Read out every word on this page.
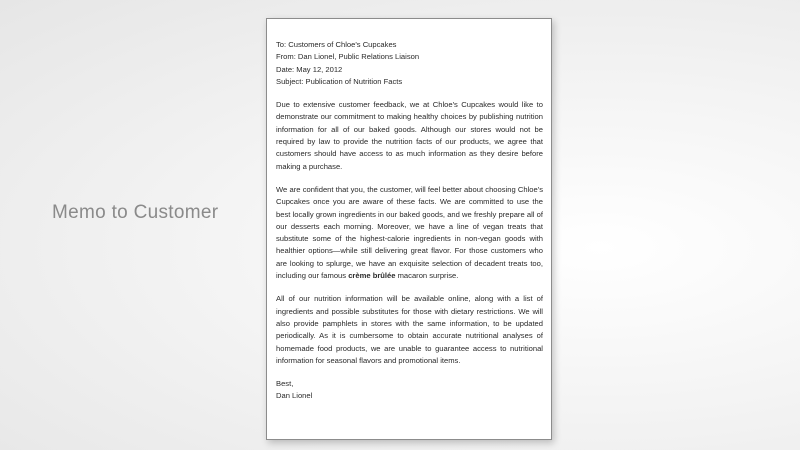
Memo to Customer

To: Customers of Chloe's Cupcakes

From: Dan Lionel, Public Relations Liaison

Date: May 12, 2012

Subject: Publication of Nutrition Facts

Due to extensive customer feedback, we at Chloe's Cupcakes would like to demonstrate our commitment to making healthy choices by publishing nutrition information for all of our baked goods. Although our stores would not be required by law to provide the nutrition facts of our products, we agree that customers should have access to as much information as they desire before making a purchase.

We are confident that you, the customer, will feel better about choosing Chloe's Cupcakes once you are aware of these facts. We are committed to use the best locally grown ingredients in our baked goods, and we freshly prepare all of our desserts each morning. Moreover, we have a line of vegan treats that substitute some of the highest-calorie ingredients in non-vegan goods with healthier options—while still delivering great flavor. For those customers who are looking to splurge, we have an exquisite selection of decadent treats too, including our famous crème brûlée macaron surprise.

All of our nutrition information will be available online, along with a list of ingredients and possible substitutes for those with dietary restrictions. We will also provide pamphlets in stores with the same information, to be updated periodically. As it is cumbersome to obtain accurate nutritional analyses of homemade food products, we are unable to guarantee access to nutritional information for seasonal flavors and promotional items.

Best,

Dan Lionel
